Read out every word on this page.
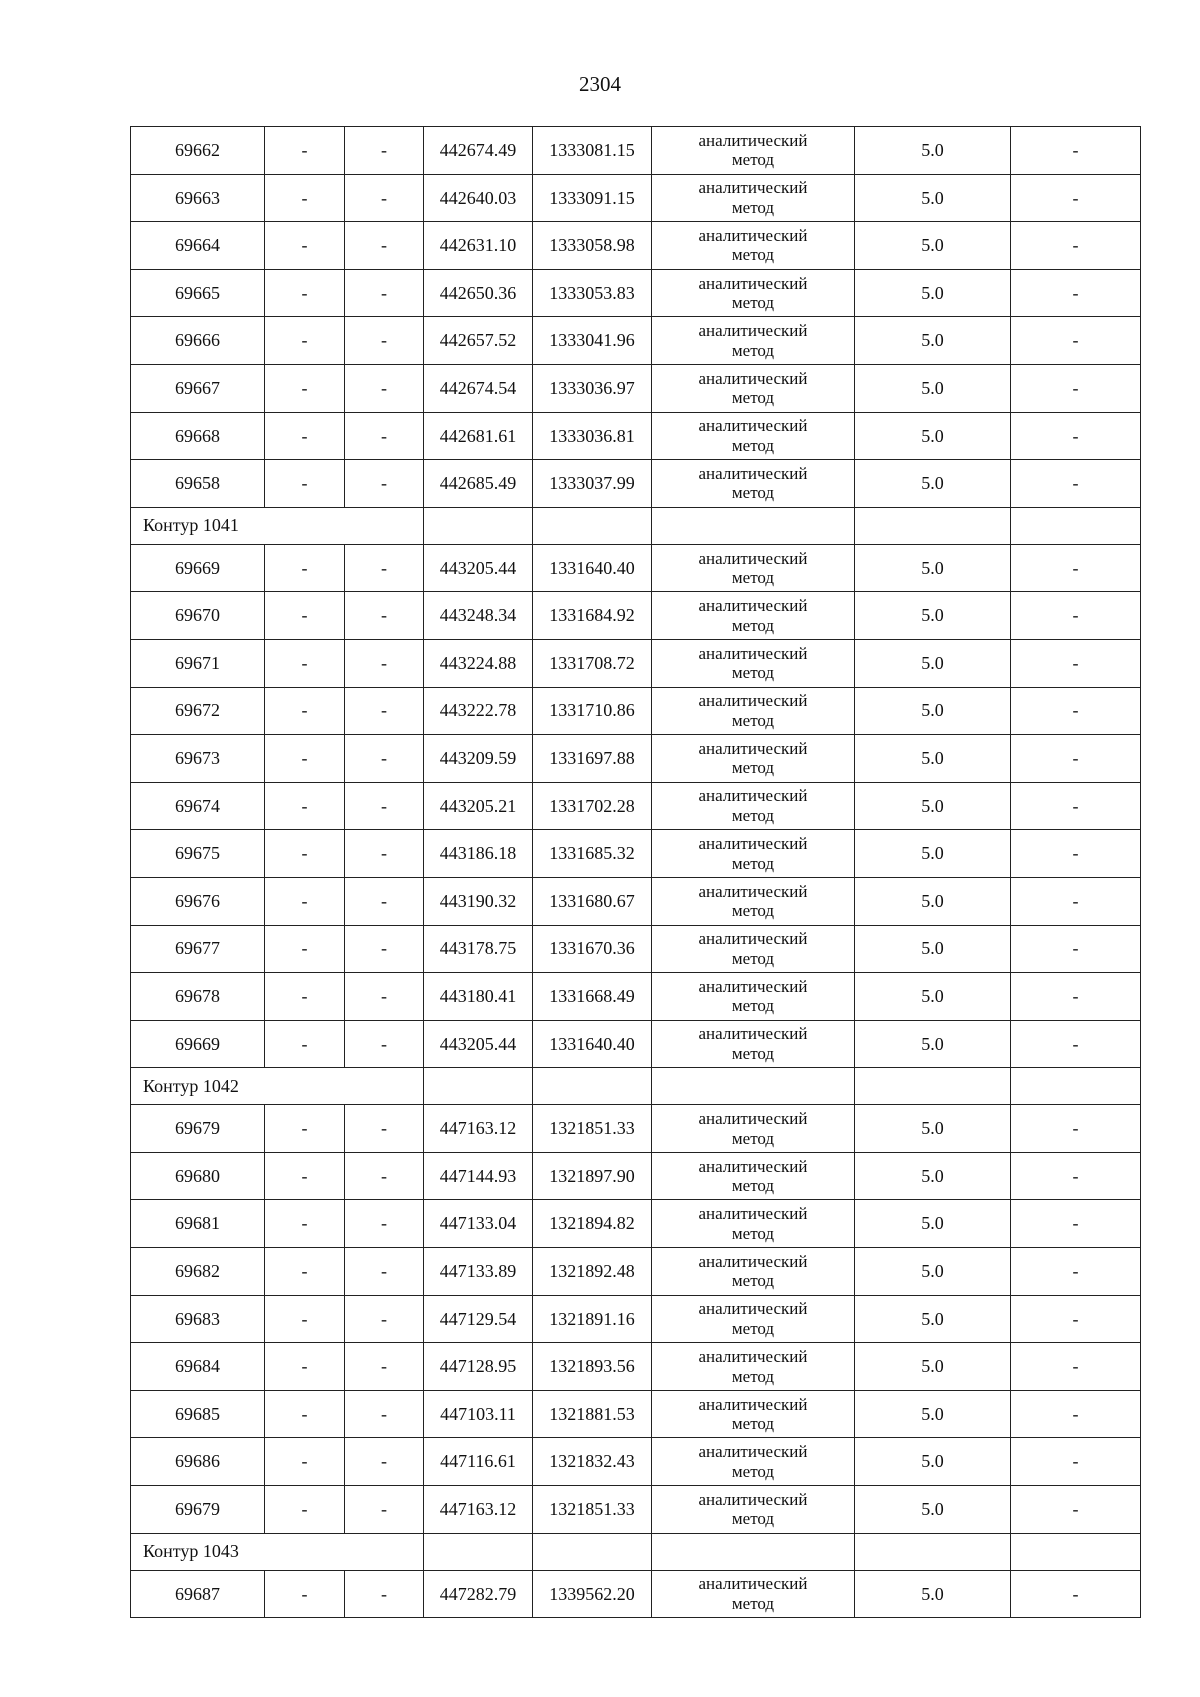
2304
69662	-	-	442674.49	1333081.15	аналитический
метод	5.0	-
69663	-	-	442640.03	1333091.15	аналитический
метод	5.0	-
69664	-	-	442631.10	1333058.98	аналитический
метод	5.0	-
69665	-	-	442650.36	1333053.83	аналитический
метод	5.0	-
69666	-	-	442657.52	1333041.96	аналитический
метод	5.0	-
69667	-	-	442674.54	1333036.97	аналитический
метод	5.0	-
69668	-	-	442681.61	1333036.81	аналитический
метод	5.0	-
69658	-	-	442685.49	1333037.99	аналитический
метод	5.0	-
Контур 1041							
69669	-	-	443205.44	1331640.40	аналитический
метод	5.0	-
69670	-	-	443248.34	1331684.92	аналитический
метод	5.0	-
69671	-	-	443224.88	1331708.72	аналитический
метод	5.0	-
69672	-	-	443222.78	1331710.86	аналитический
метод	5.0	-
69673	-	-	443209.59	1331697.88	аналитический
метод	5.0	-
69674	-	-	443205.21	1331702.28	аналитический
метод	5.0	-
69675	-	-	443186.18	1331685.32	аналитический
метод	5.0	-
69676	-	-	443190.32	1331680.67	аналитический
метод	5.0	-
69677	-	-	443178.75	1331670.36	аналитический
метод	5.0	-
69678	-	-	443180.41	1331668.49	аналитический
метод	5.0	-
69669	-	-	443205.44	1331640.40	аналитический
метод	5.0	-
Контур 1042							
69679	-	-	447163.12	1321851.33	аналитический
метод	5.0	-
69680	-	-	447144.93	1321897.90	аналитический
метод	5.0	-
69681	-	-	447133.04	1321894.82	аналитический
метод	5.0	-
69682	-	-	447133.89	1321892.48	аналитический
метод	5.0	-
69683	-	-	447129.54	1321891.16	аналитический
метод	5.0	-
69684	-	-	447128.95	1321893.56	аналитический
метод	5.0	-
69685	-	-	447103.11	1321881.53	аналитический
метод	5.0	-
69686	-	-	447116.61	1321832.43	аналитический
метод	5.0	-
69679	-	-	447163.12	1321851.33	аналитический
метод	5.0	-
Контур 1043							
69687	-	-	447282.79	1339562.20	аналитический
метод	5.0	-
